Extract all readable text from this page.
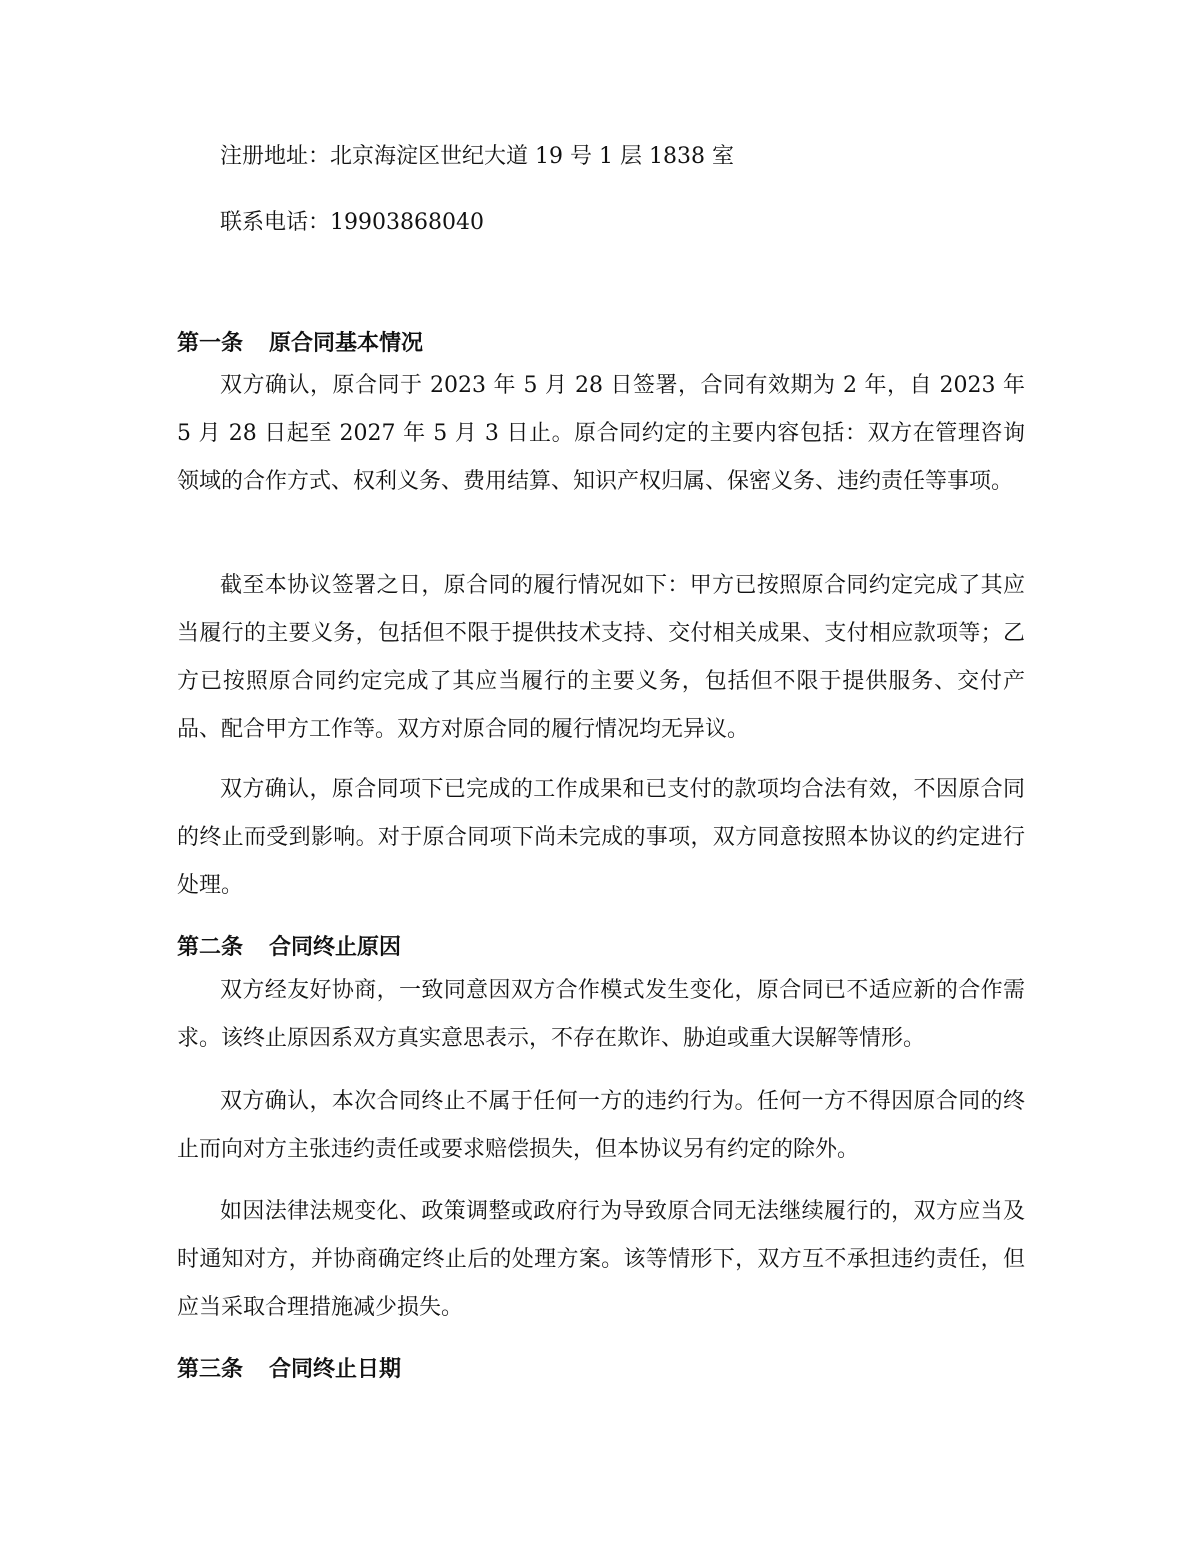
注册地址：北京海淀区世纪大道 19 号 1 层 1838 室
联系电话：19903868040
第一条 原合同基本情况

双方确认，原合同于 2023 年 5 月 28 日签署，合同有效期为 2 年，自 2023 年 5 月 28 日起至 2027 年 5 月 3 日止。原合同约定的主要内容包括：双方在管理咨询领域的合作方式、权利义务、费用结算、知识产权归属、保密义务、违约责任等事项。

截至本协议签署之日，原合同的履行情况如下：甲方已按照原合同约定完成了其应当履行的主要义务，包括但不限于提供技术支持、交付相关成果、支付相应款项等；乙方已按照原合同约定完成了其应当履行的主要义务，包括但不限于提供服务、交付产品、配合甲方工作等。双方对原合同的履行情况均无异议。

双方确认，原合同项下已完成的工作成果和已支付的款项均合法有效，不因原合同的终止而受到影响。对于原合同项下尚未完成的事项，双方同意按照本协议的约定进行处理。

第二条 合同终止原因

双方经友好协商，一致同意因双方合作模式发生变化，原合同已不适应新的合作需求。该终止原因系双方真实意思表示，不存在欺诈、胁迫或重大误解等情形。

双方确认，本次合同终止不属于任何一方的违约行为。任何一方不得因原合同的终止而向对方主张违约责任或要求赔偿损失，但本协议另有约定的除外。

如因法律法规变化、政策调整或政府行为导致原合同无法继续履行的，双方应当及时通知对方，并协商确定终止后的处理方案。该等情形下，双方互不承担违约责任，但应当采取合理措施减少损失。

第三条 合同终止日期
